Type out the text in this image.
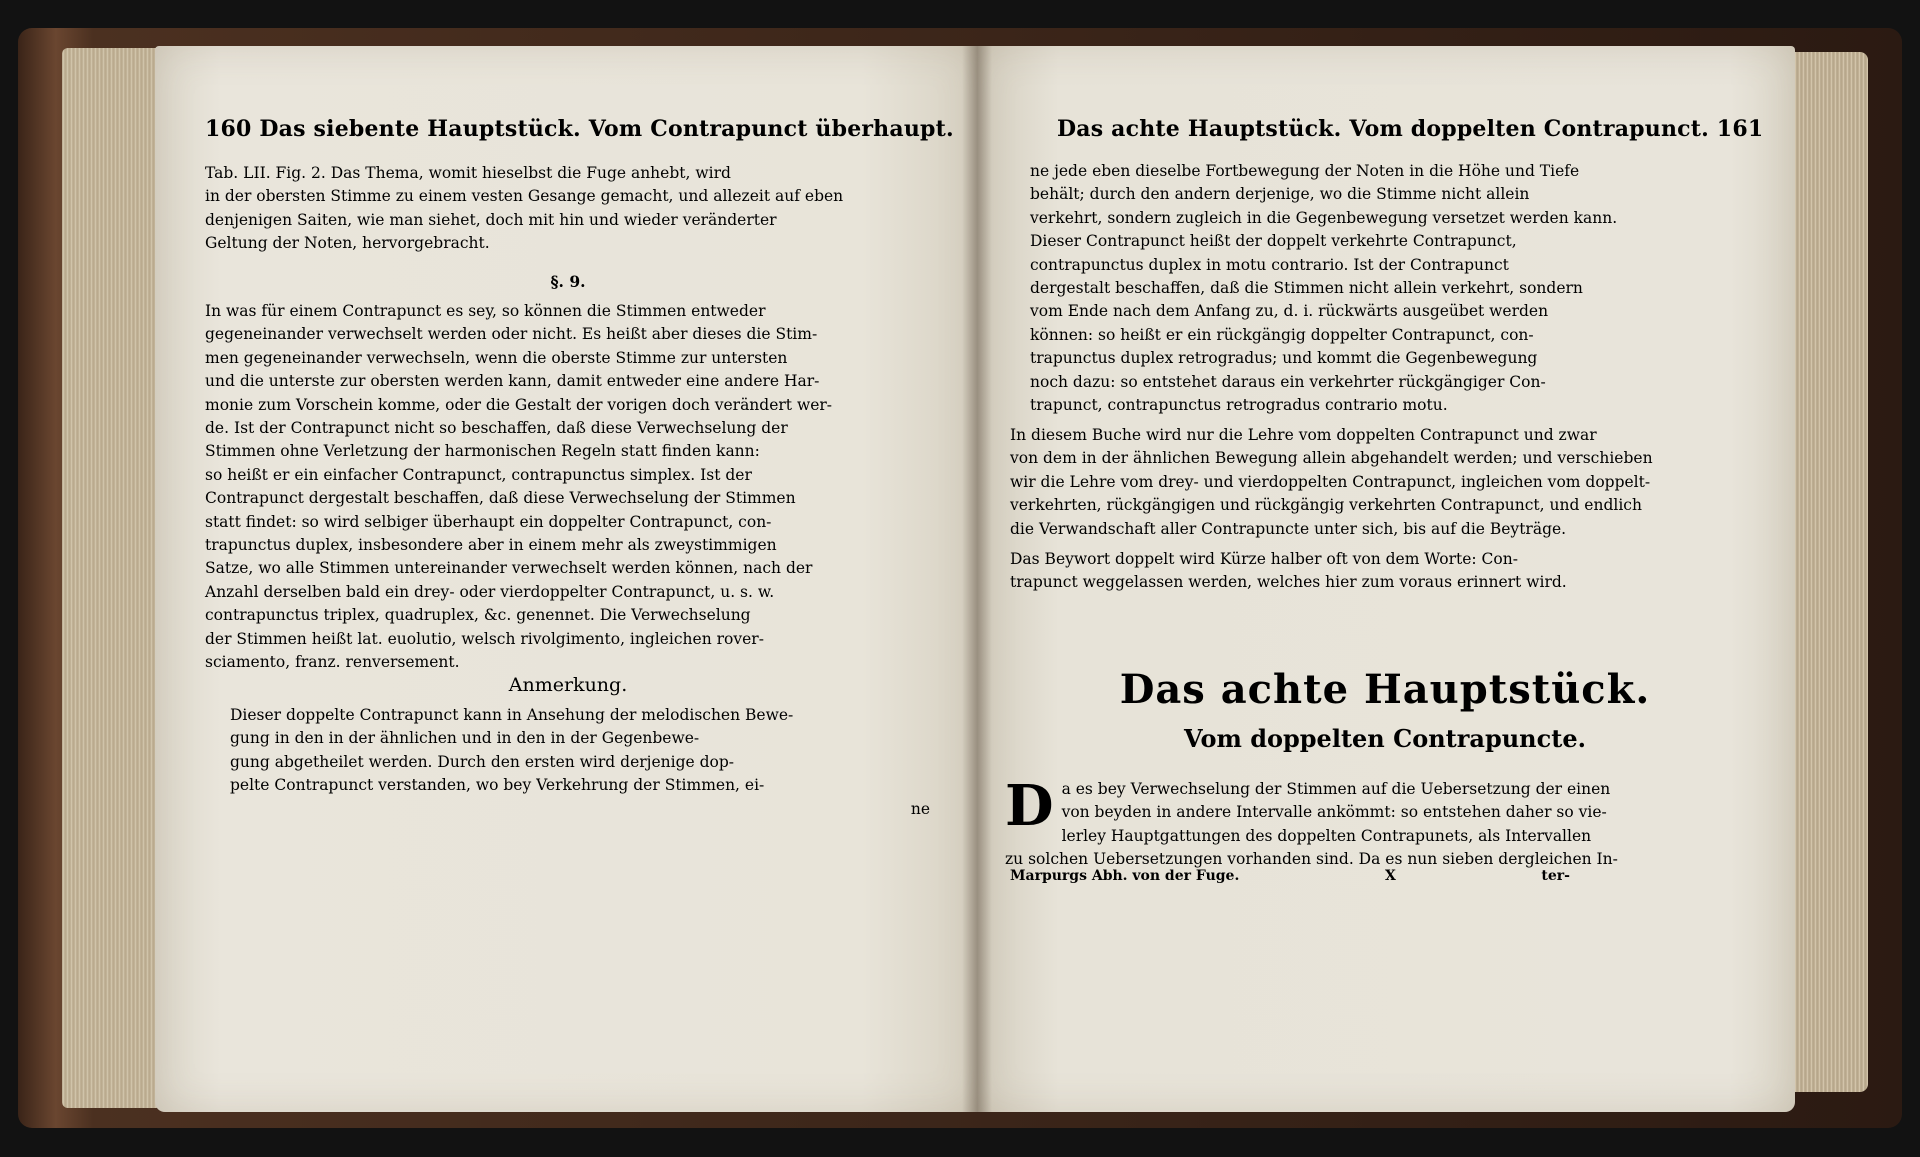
160 Das siebente Hauptstück. Vom Contrapunct überhaupt.

Tab. LII. Fig. 2. Das Thema, womit hieselbst die Fuge anhebt, wird

in der obersten Stimme zu einem vesten Gesange gemacht, und allezeit auf eben

denjenigen Saiten, wie man siehet, doch mit hin und wieder veränderter

Geltung der Noten, hervorgebracht.

§. 9.

In was für einem Contrapunct es sey, so können die Stimmen entweder

gegeneinander verwechselt werden oder nicht. Es heißt aber dieses die Stim-

men gegeneinander verwechseln, wenn die oberste Stimme zur untersten

und die unterste zur obersten werden kann, damit entweder eine andere Har-

monie zum Vorschein komme, oder die Gestalt der vorigen doch verändert wer-

de. Ist der Contrapunct nicht so beschaffen, daß diese Verwechselung der

Stimmen ohne Verletzung der harmonischen Regeln statt finden kann:

so heißt er ein einfacher Contrapunct, contrapunctus simplex. Ist der

Contrapunct dergestalt beschaffen, daß diese Verwechselung der Stimmen

statt findet: so wird selbiger überhaupt ein doppelter Contrapunct, con-

trapunctus duplex, insbesondere aber in einem mehr als zweystimmigen

Satze, wo alle Stimmen untereinander verwechselt werden können, nach der

Anzahl derselben bald ein drey- oder vierdoppelter Contrapunct, u. s. w.

contrapunctus triplex, quadruplex, &c. genennet. Die Verwechselung

der Stimmen heißt lat. euolutio, welsch rivolgimento, ingleichen rover-

sciamento, franz. renversement.

Anmerkung.

Dieser doppelte Contrapunct kann in Ansehung der melodischen Bewe-

gung in den in der ähnlichen und in den in der Gegenbewe-

gung abgetheilet werden. Durch den ersten wird derjenige dop-

pelte Contrapunct verstanden, wo bey Verkehrung der Stimmen, ei-

ne

Das achte Hauptstück. Vom doppelten Contrapunct. 161

ne jede eben dieselbe Fortbewegung der Noten in die Höhe und Tiefe

behält; durch den andern derjenige, wo die Stimme nicht allein

verkehrt, sondern zugleich in die Gegenbewegung versetzet werden kann.

Dieser Contrapunct heißt der doppelt verkehrte Contrapunct,

contrapunctus duplex in motu contrario. Ist der Contrapunct

dergestalt beschaffen, daß die Stimmen nicht allein verkehrt, sondern

vom Ende nach dem Anfang zu, d. i. rückwärts ausgeübet werden

können: so heißt er ein rückgängig doppelter Contrapunct, con-

trapunctus duplex retrogradus; und kommt die Gegenbewegung

noch dazu: so entstehet daraus ein verkehrter rückgängiger Con-

trapunct, contrapunctus retrogradus contrario motu.

In diesem Buche wird nur die Lehre vom doppelten Contrapunct und zwar

von dem in der ähnlichen Bewegung allein abgehandelt werden; und verschieben

wir die Lehre vom drey- und vierdoppelten Contrapunct, ingleichen vom doppelt-

verkehrten, rückgängigen und rückgängig verkehrten Contrapunct, und endlich

die Verwandschaft aller Contrapuncte unter sich, bis auf die Beyträge.

Das Beywort doppelt wird Kürze halber oft von dem Worte: Con-

trapunct weggelassen werden, welches hier zum voraus erinnert wird.

Das achte Hauptstück.
Vom doppelten Contrapuncte.
D a es bey Verwechselung der Stimmen auf die Uebersetzung der einen

von beyden in andere Intervalle ankömmt: so entstehen daher so vie-

lerley Hauptgattungen des doppelten Contrapunets, als Intervallen

zu solchen Uebersetzungen vorhanden sind. Da es nun sieben dergleichen In-

Marpurgs Abh. von der Fuge.	X	ter-
